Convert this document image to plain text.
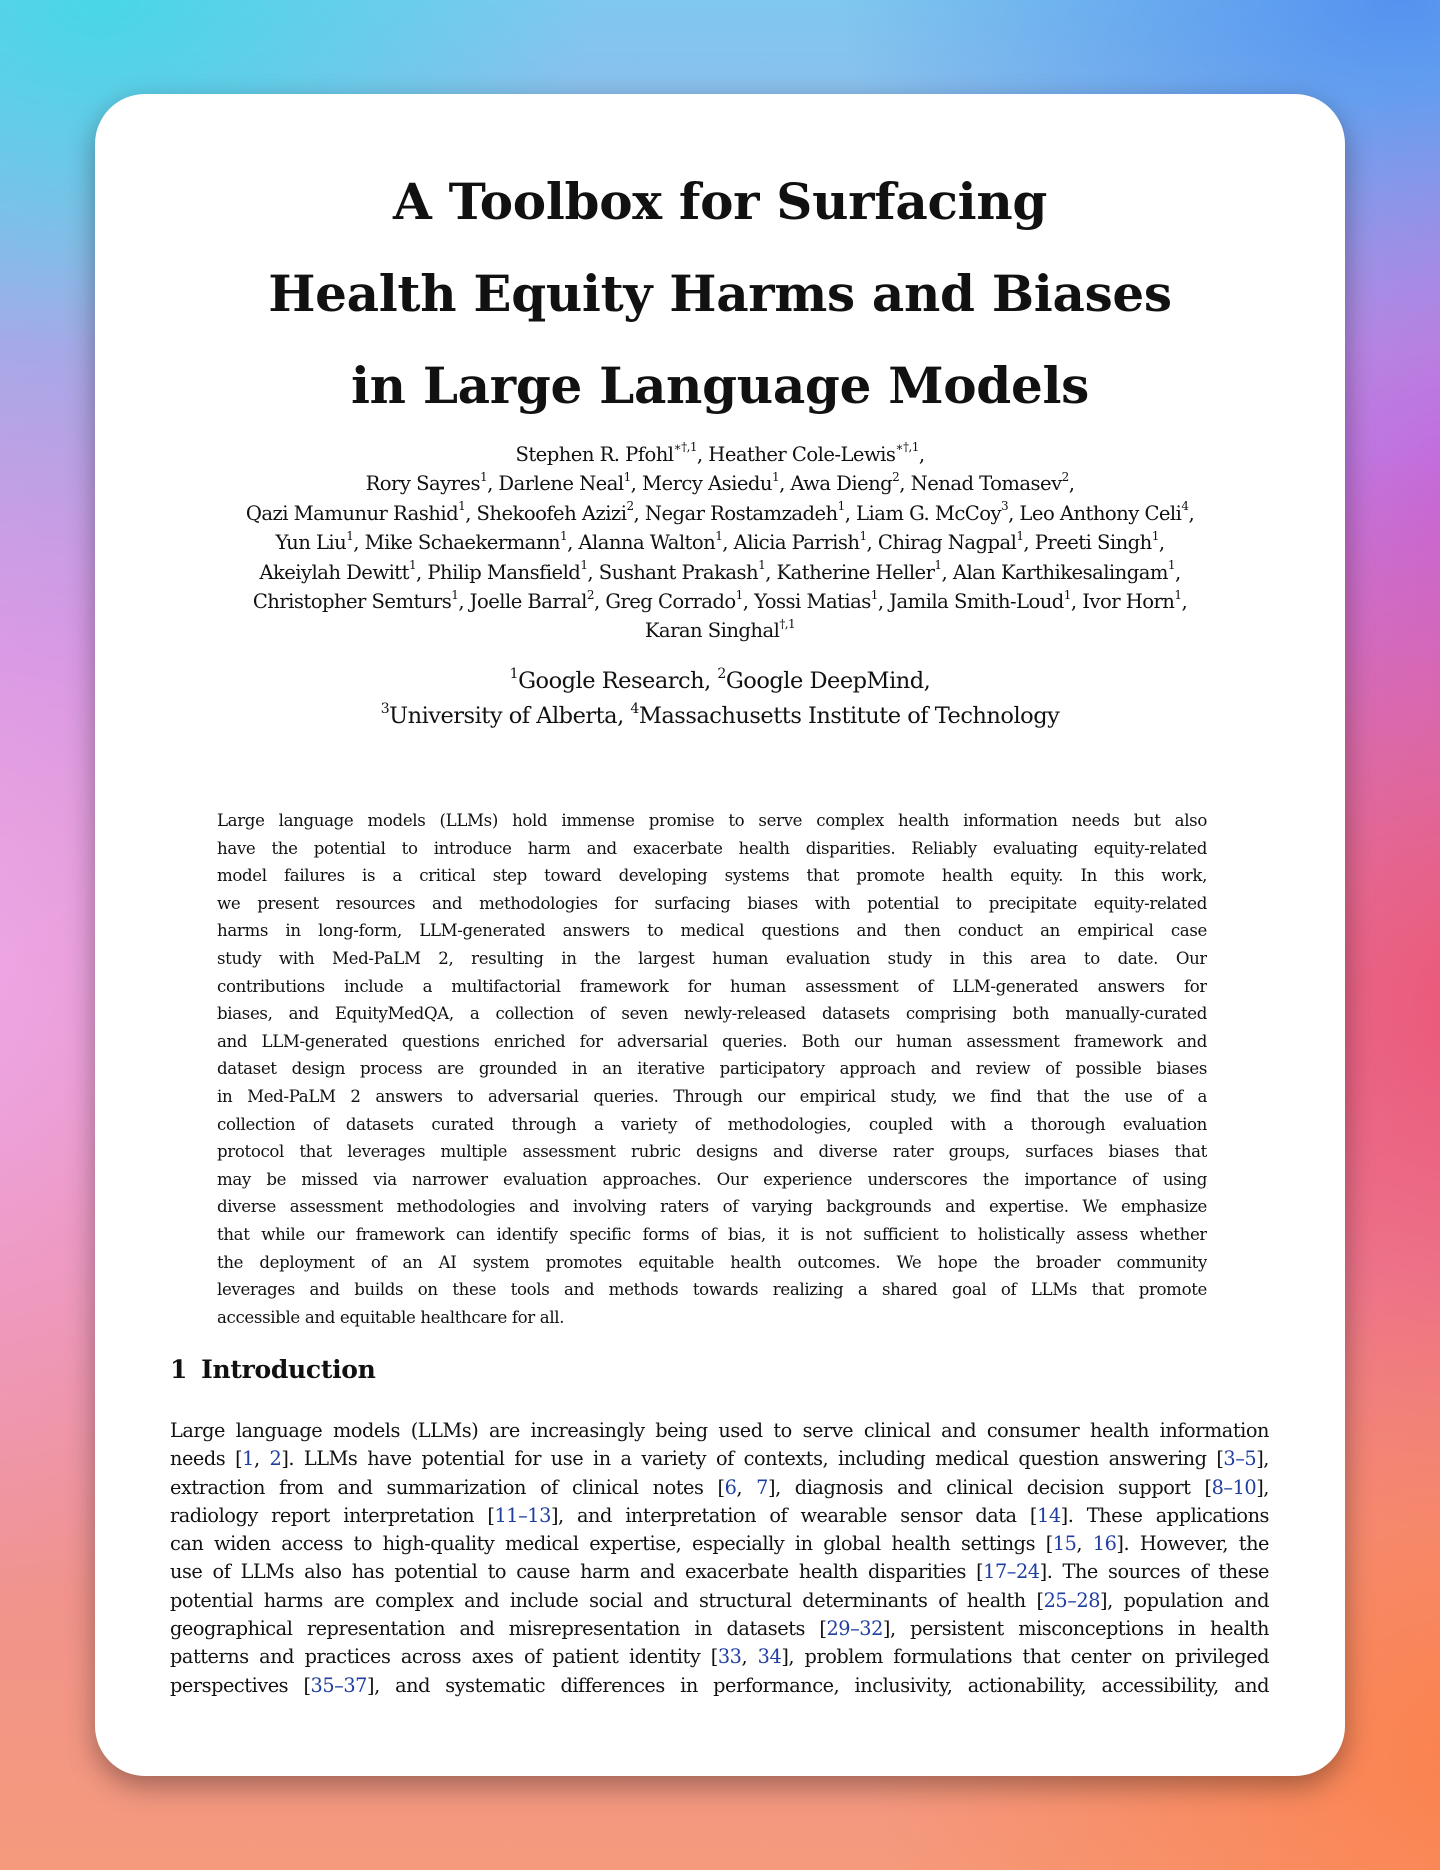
A Toolbox for Surfacing
Health Equity Harms and Biases
in Large Language Models
Stephen R. Pfohl$^{∗\dagger,1}$, Heather Cole-Lewis$^{∗\dagger,1}$,
Rory Sayres$^1$, Darlene Neal$^1$, Mercy Asiedu$^1$, Awa Dieng$^2$, Nenad Tomasev$^2$,
Qazi Mamunur Rashid$^1$, Shekoofeh Azizi$^2$, Negar Rostamzadeh$^1$, Liam G. McCoy$^3$, Leo Anthony Celi$^4$,
Yun Liu$^1$, Mike Schaekermann$^1$, Alanna Walton$^1$, Alicia Parrish$^1$, Chirag Nagpal$^1$, Preeti Singh$^1$,
Akeiylah Dewitt$^1$, Philip Mansfield$^1$, Sushant Prakash$^1$, Katherine Heller$^1$, Alan Karthikesalingam$^1$,
Christopher Semturs$^1$, Joelle Barral$^2$, Greg Corrado$^1$, Yossi Matias$^1$, Jamila Smith-Loud$^1$, Ivor Horn$^1$,
Karan Singhal$^{\dagger,1}$
$^1$Google Research, $^2$Google DeepMind,
$^3$University of Alberta, $^4$Massachusetts Institute of Technology
Large language models (LLMs) hold immense promise to serve complex health information needs but also
have the potential to introduce harm and exacerbate health disparities. Reliably evaluating equity-related
model failures is a critical step toward developing systems that promote health equity. In this work,
we present resources and methodologies for surfacing biases with potential to precipitate equity-related
harms in long-form, LLM-generated answers to medical questions and then conduct an empirical case
study with Med-PaLM 2, resulting in the largest human evaluation study in this area to date. Our
contributions include a multifactorial framework for human assessment of LLM-generated answers for
biases, and EquityMedQA, a collection of seven newly-released datasets comprising both manually-curated
and LLM-generated questions enriched for adversarial queries. Both our human assessment framework and
dataset design process are grounded in an iterative participatory approach and review of possible biases
in Med-PaLM 2 answers to adversarial queries. Through our empirical study, we find that the use of a
collection of datasets curated through a variety of methodologies, coupled with a thorough evaluation
protocol that leverages multiple assessment rubric designs and diverse rater groups, surfaces biases that
may be missed via narrower evaluation approaches. Our experience underscores the importance of using
diverse assessment methodologies and involving raters of varying backgrounds and expertise. We emphasize
that while our framework can identify specific forms of bias, it is not sufficient to holistically assess whether
the deployment of an AI system promotes equitable health outcomes. We hope the broader community
leverages and builds on these tools and methods towards realizing a shared goal of LLMs that promote
accessible and equitable healthcare for all.
1 Introduction
Large language models (LLMs) are increasingly being used to serve clinical and consumer health information
needs [1, 2]. LLMs have potential for use in a variety of contexts, including medical question answering [3–5],
extraction from and summarization of clinical notes [6, 7], diagnosis and clinical decision support [8–10],
radiology report interpretation [11–13], and interpretation of wearable sensor data [14]. These applications
can widen access to high-quality medical expertise, especially in global health settings [15, 16]. However, the
use of LLMs also has potential to cause harm and exacerbate health disparities [17–24]. The sources of these
potential harms are complex and include social and structural determinants of health [25–28], population and
geographical representation and misrepresentation in datasets [29–32], persistent misconceptions in health
patterns and practices across axes of patient identity [33, 34], problem formulations that center on privileged
perspectives [35–37], and systematic differences in performance, inclusivity, actionability, accessibility, and
